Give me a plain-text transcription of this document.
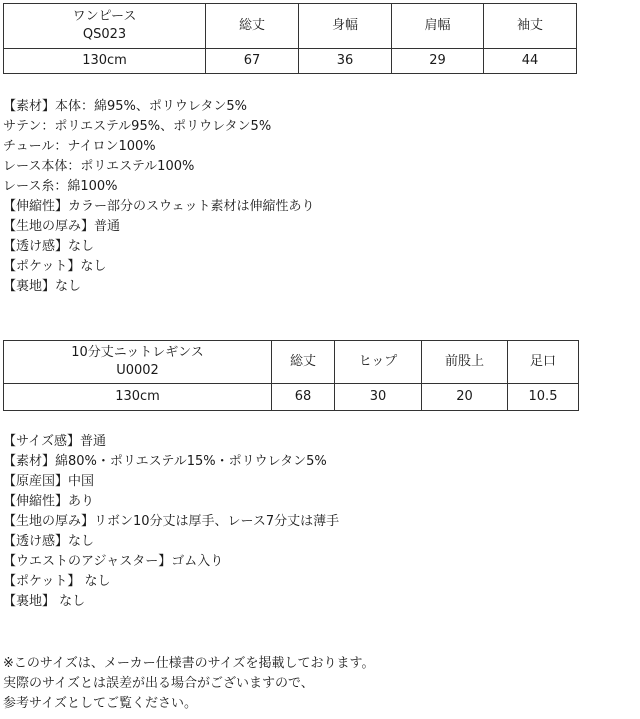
ワンピース
QS023	総丈	身幅	肩幅	袖丈
130cm	67	36	29	44

【素材】本体：綿95%、ポリウレタン5%

サテン：ポリエステル95%、ポリウレタン5%

チュール：ナイロン100%

レース本体：ポリエステル100%

レース糸：綿100%

【伸縮性】カラー部分のスウェット素材は伸縮性あり

【生地の厚み】普通

【透け感】なし

【ポケット】なし

【裏地】なし

10分丈ニットレギンス
U0002	総丈	ヒップ	前股上	足口
130cm	68	30	20	10.5

【サイズ感】普通

【素材】綿80%・ポリエステル15%・ポリウレタン5%

【原産国】中国

【伸縮性】あり

【生地の厚み】リボン10分丈は厚手、レース7分丈は薄手

【透け感】なし

【ウエストのアジャスター】ゴム入り

【ポケット】 なし

【裏地】 なし

※このサイズは、メーカー仕様書のサイズを掲載しております。

実際のサイズとは誤差が出る場合がございますので、

参考サイズとしてご覧ください。
